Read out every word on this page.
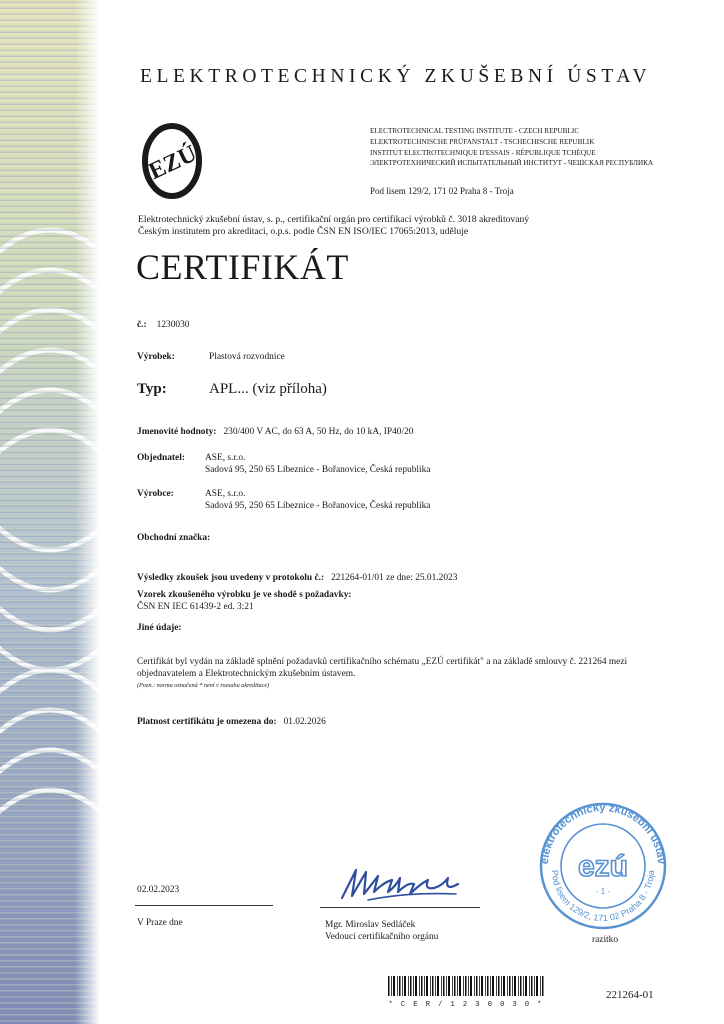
ELEKTROTECHNICKÝ ZKUŠEBNÍ ÚSTAV
EZÚ
ELECTROTECHNICAL TESTING INSTITUTE - CZECH REPUBLIC
ELEKTROTECHNISCHE PRÜFANSTALT - TSCHECHISCHE REPUBLIK
INSTITUT ELECTROTECHNIQUE D'ESSAIS - RÉPUBLIQUE TCHÈQUE
ЭЛЕКТРОТЕХНИЧЕСКИЙ ИСПЫТАТЕЛЬНЫЙ ИНСТИТУТ - ЧЕШСКАЯ РЕСПУБЛИКА
Pod lisem 129/2, 171 02 Praha 8 - Troja
Elektrotechnický zkušební ústav, s. p., certifikační orgán pro certifikaci výrobků č. 3018 akreditovaný
Českým institutem pro akreditaci, o.p.s. podle ČSN EN ISO/IEC 17065:2013, uděluje
CERTIFIKÁT
č.: 1230030
Výrobek:	Plastová rozvodnice
Typ:	APL... (viz příloha)
Jmenovité hodnoty: 230/400 V AC, do 63 A, 50 Hz, do 10 kA, IP40/20
Objednatel:	ASE, s.r.o.
Sadová 95, 250 65 Líbeznice - Bořanovice, Česká republika
Výrobce:	ASE, s.r.o.
Sadová 95, 250 65 Líbeznice - Bořanovice, Česká republika
Obchodní značka:
Výsledky zkoušek jsou uvedeny v protokolu č.: 221264-01/01 ze dne: 25.01.2023
Vzorek zkoušeného výrobku je ve shodě s požadavky:
ČSN EN IEC 61439-2 ed. 3:21
Jiné údaje:
Certifikát byl vydán na základě splnění požadavků certifikačního schématu „EZÚ certifikát" a na základě smlouvy č. 221264 mezi
objednavatelem a Elektrotechnickým zkušebním ústavem.
(Pozn.: norma označená * není v rozsahu akreditace)
Platnost certifikátu je omezena do: 01.02.2026
02.02.2023
V Praze dne	Mgr. Miroslav Sedláček
Vedoucí certifikačního orgánu
elektrotechnický zkušební ústav
Pod lisem 129/2, 171 02 Praha 8 - Troja
ezú
- 1 -
razítko
* C E R / 1 2 3 0 0 3 0 *
221264-01
